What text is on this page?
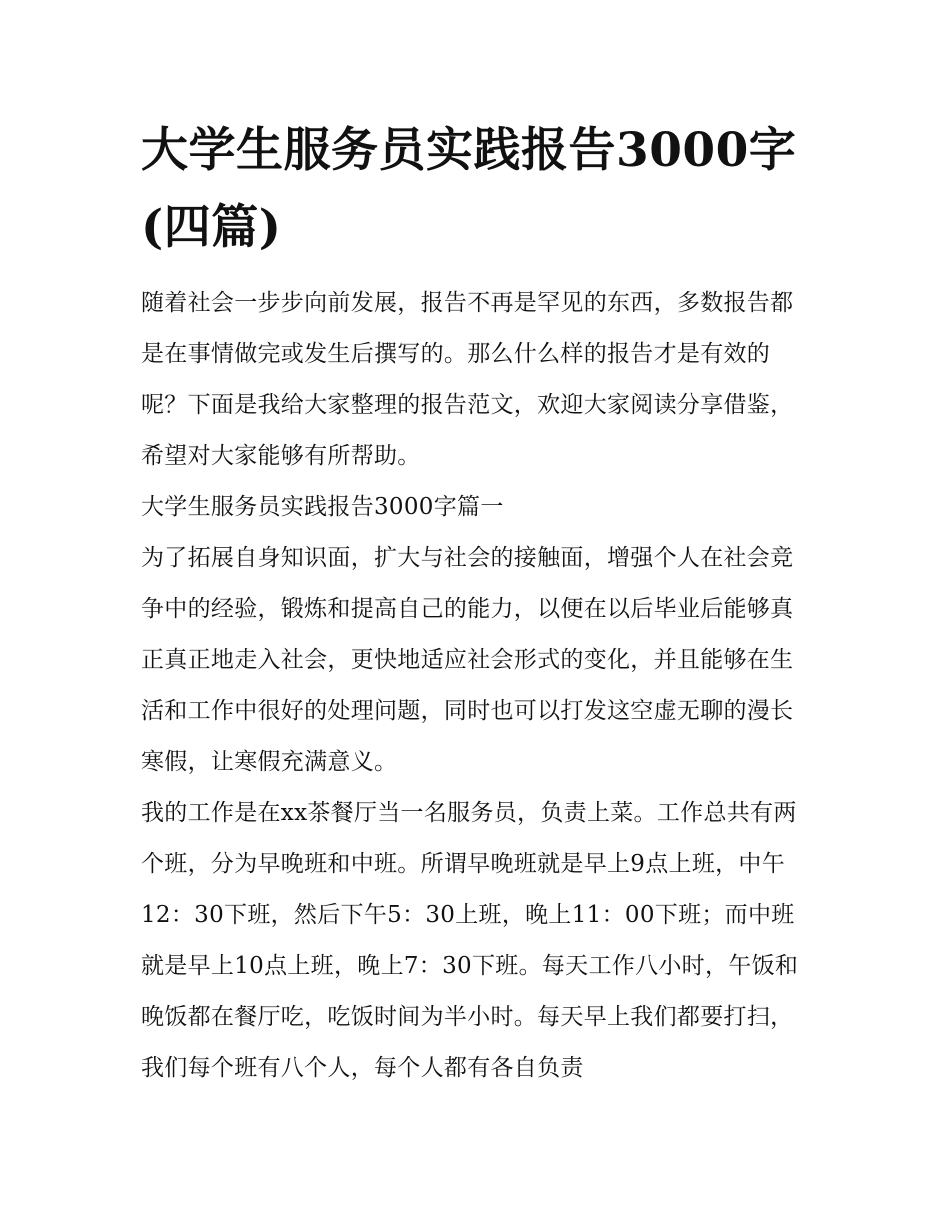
大学生服务员实践报告3000字(四篇)

随着社会一步步向前发展，报告不再是罕见的东西，多数报告都是在事情做完或发生后撰写的。那么什么样的报告才是有效的呢？下面是我给大家整理的报告范文，欢迎大家阅读分享借鉴，希望对大家能够有所帮助。

大学生服务员实践报告3000字篇一

为了拓展自身知识面，扩大与社会的接触面，增强个人在社会竞争中的经验，锻炼和提高自己的能力，以便在以后毕业后能够真正真正地走入社会，更快地适应社会形式的变化，并且能够在生活和工作中很好的处理问题，同时也可以打发这空虚无聊的漫长寒假，让寒假充满意义。

我的工作是在xx茶餐厅当一名服务员，负责上菜。工作总共有两个班，分为早晚班和中班。所谓早晚班就是早上9点上班，中午12：30下班，然后下午5：30上班，晚上11：00下班；而中班就是早上10点上班，晚上7：30下班。每天工作八小时，午饭和晚饭都在餐厅吃，吃饭时间为半小时。每天早上我们都要打扫，我们每个班有八个人，每个人都有各自负责
